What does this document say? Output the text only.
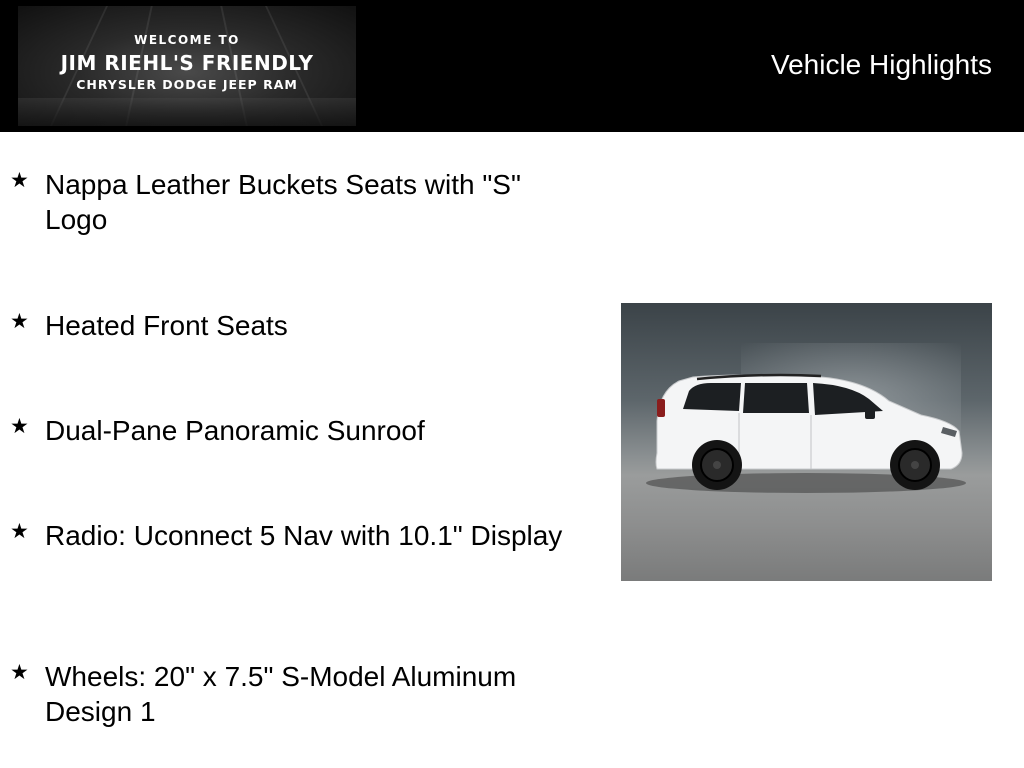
WELCOME TO
JIM RIEHL'S FRIENDLY
CHRYSLER DODGE JEEP RAM
Vehicle Highlights
★ Nappa Leather Buckets Seats with "S" Logo
★ Heated Front Seats
★ Dual-Pane Panoramic Sunroof
★ Radio: Uconnect 5 Nav with 10.1" Display
★ Wheels: 20" x 7.5" S-Model Aluminum Design 1
